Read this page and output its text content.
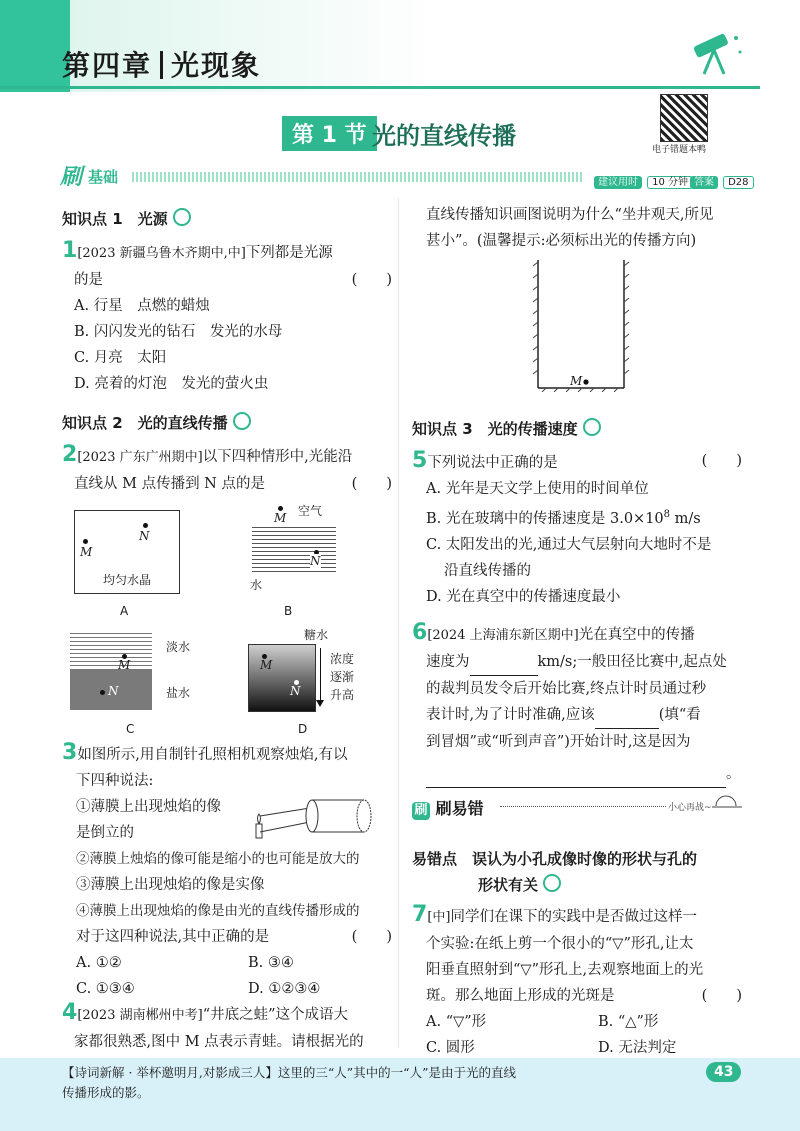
第四章 光现象
第 1 节 光的直线传播	电子错题本鸭
刷 基础	建议用时 10 分钟 答案 D28
知识点 1　光源
1[2023 新疆乌鲁木齐期中,中]下列都是光源
的是	(　　)
A. 行星　点燃的蜡烛
B. 闪闪发光的钻石　发光的水母
C. 月亮　太阳
D. 亮着的灯泡　发光的萤火虫
知识点 2　光的直线传播
2[2023 广东广州期中]以下四种情形中,光能沿
直线从 M 点传播到 N 点的是	(　　)
M
N
均匀水晶
A
M 空气
N
水
B
M
N
淡水
盐水
C
糖水
M
N
浓度
逐渐
升高
D
3如图所示,用自制针孔照相机观察烛焰,有以
下四种说法:
①薄膜上出现烛焰的像
是倒立的
②薄膜上烛焰的像可能是缩小的也可能是放大的
③薄膜上出现烛焰的像是实像
④薄膜上出现烛焰的像是由光的直线传播形成的
对于这四种说法,其中正确的是	(　　)
A. ①②	B. ③④
C. ①③④	D. ①②③④
4[2023 湖南郴州中考]“井底之蛙”这个成语大
家都很熟悉,图中 M 点表示青蛙。请根据光的
直线传播知识画图说明为什么“坐井观天,所见
甚小”。(温馨提示:必须标出光的传播方向)
M
知识点 3　光的传播速度
5下列说法中正确的是	(　　)
A. 光年是天文学上使用的时间单位
B. 光在玻璃中的传播速度是 $3.0\times 10^8$ m/s
C. 太阳发出的光,通过大气层射向大地时不是
沿直线传播的
D. 光在真空中的传播速度最小
6[2024 上海浦东新区期中]光在真空中的传播
速度为	km/s;一般田径比赛中,起点处
的裁判员发令后开始比赛,终点计时员通过秒
表计时,为了计时准确,应该	(填“看
到冒烟”或“听到声音”)开始计时,这是因为

。
刷 刷易错	小心再战~
易错点　 误认为小孔成像时像的形状与孔的
形状有关
7[中]同学们在课下的实践中是否做过这样一
个实验:在纸上剪一个很小的“▽”形孔,让太
阳垂直照射到“▽”形孔上,去观察地面上的光
斑。那么地面上形成的光斑是	(　　)
A. “▽”形	B. “△”形
C. 圆形	D. 无法判定
【诗词新解 · 举杯邀明月,对影成三人】这里的三“人”其中的一“人”是由于光的直线
传播形成的影。
43
